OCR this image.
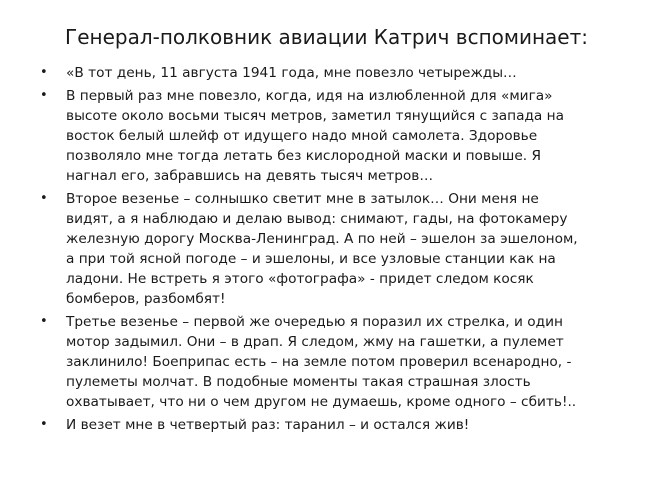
Генерал-полковник авиации Катрич вспоминает:
• «В тот день, 11 августа 1941 года, мне повезло четырежды…
• В первый раз мне повезло, когда, идя на излюбленной для «мига»
высоте около восьми тысяч метров, заметил тянущийся с запада на
восток белый шлейф от идущего надо мной самолета. Здоровье
позволяло мне тогда летать без кислородной маски и повыше. Я
нагнал его, забравшись на девять тысяч метров…
• Второе везенье – солнышко светит мне в затылок… Они меня не
видят, а я наблюдаю и делаю вывод: снимают, гады, на фотокамеру
железную дорогу Москва-Ленинград. А по ней – эшелон за эшелоном,
а при той ясной погоде – и эшелоны, и все узловые станции как на
ладони. Не встреть я этого «фотографа» - придет следом косяк
бомберов, разбомбят!
• Третье везенье – первой же очередью я поразил их стрелка, и один
мотор задымил. Они – в драп. Я следом, жму на гашетки, а пулемет
заклинило! Боеприпас есть – на земле потом проверил всенародно, -
пулеметы молчат. В подобные моменты такая страшная злость
охватывает, что ни о чем другом не думаешь, кроме одного – сбить!..
• И везет мне в четвертый раз: таранил – и остался жив!
